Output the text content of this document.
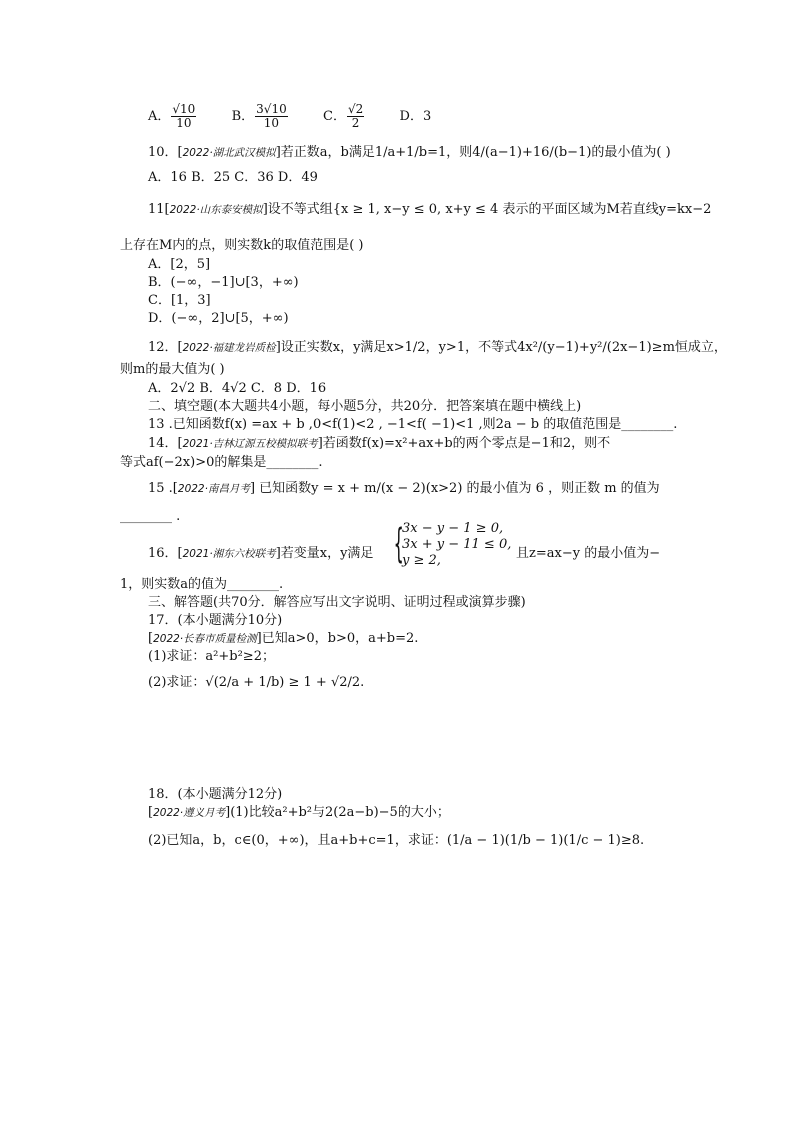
A． $\frac{√10}{10}$	B． $\frac{3√10}{10}$	C． $\frac{√2}{2}$	D．3
10．[2022·湖北武汉模拟]若正数a，b满足1/a+1/b=1，则4/(a−1)+16/(b−1)的最小值为( )
A．16 B．25 C．36 D．49
11[2022·山东泰安模拟]设不等式组{x ≥ 1, x−y ≤ 0, x+y ≤ 4 表示的平面区域为M若直线y=kx−2
上存在M内的点，则实数k的取值范围是( )
A．[2，5]
B．(−∞，−1]∪[3，+∞)
C．[1，3]
D．(−∞，2]∪[5，+∞)
12．[2022·福建龙岩质检]设正实数x，y满足x>1/2，y>1，不等式4x²/(y−1)+y²/(2x−1)≥m恒成立，
则m的最大值为( )
A．2√2 B．4√2 C．8 D．16
二、填空题(本大题共4小题，每小题5分，共20分．把答案填在题中横线上)
13 .已知函数f(x) =ax + b ,0<f(1)<2 , −1<f( −1)<1 ,则2a − b 的取值范围是________.
14．[2021·吉林辽源五校模拟联考]若函数f(x)=x²+ax+b的两个零点是−1和2，则不
等式af(−2x)>0的解集是________.
15 .[2022·南昌月考] 已知函数y = x + m/(x − 2)(x>2) 的最小值为 6 ，则正数 m 的值为
________ .
16．[2021·湘东六校联考]若变量x，y满足 {
3x − y − 1 ≥ 0,
3x + y − 11 ≤ 0,
y ≥ 2,	且z=ax−y 的最小值为−
1，则实数a的值为________.
三、解答题(共70分．解答应写出文字说明、证明过程或演算步骤)
17．(本小题满分10分)
[2022·长春市质量检测]已知a>0，b>0，a+b=2.
(1)求证：a²+b²≥2；
(2)求证：√(2/a + 1/b) ≥ 1 + √2/2.
18．(本小题满分12分)
[2022·遵义月考](1)比较a²+b²与2(2a−b)−5的大小；
(2)已知a，b，c∈(0，+∞)，且a+b+c=1，求证：(1/a − 1)(1/b − 1)(1/c − 1)≥8.
